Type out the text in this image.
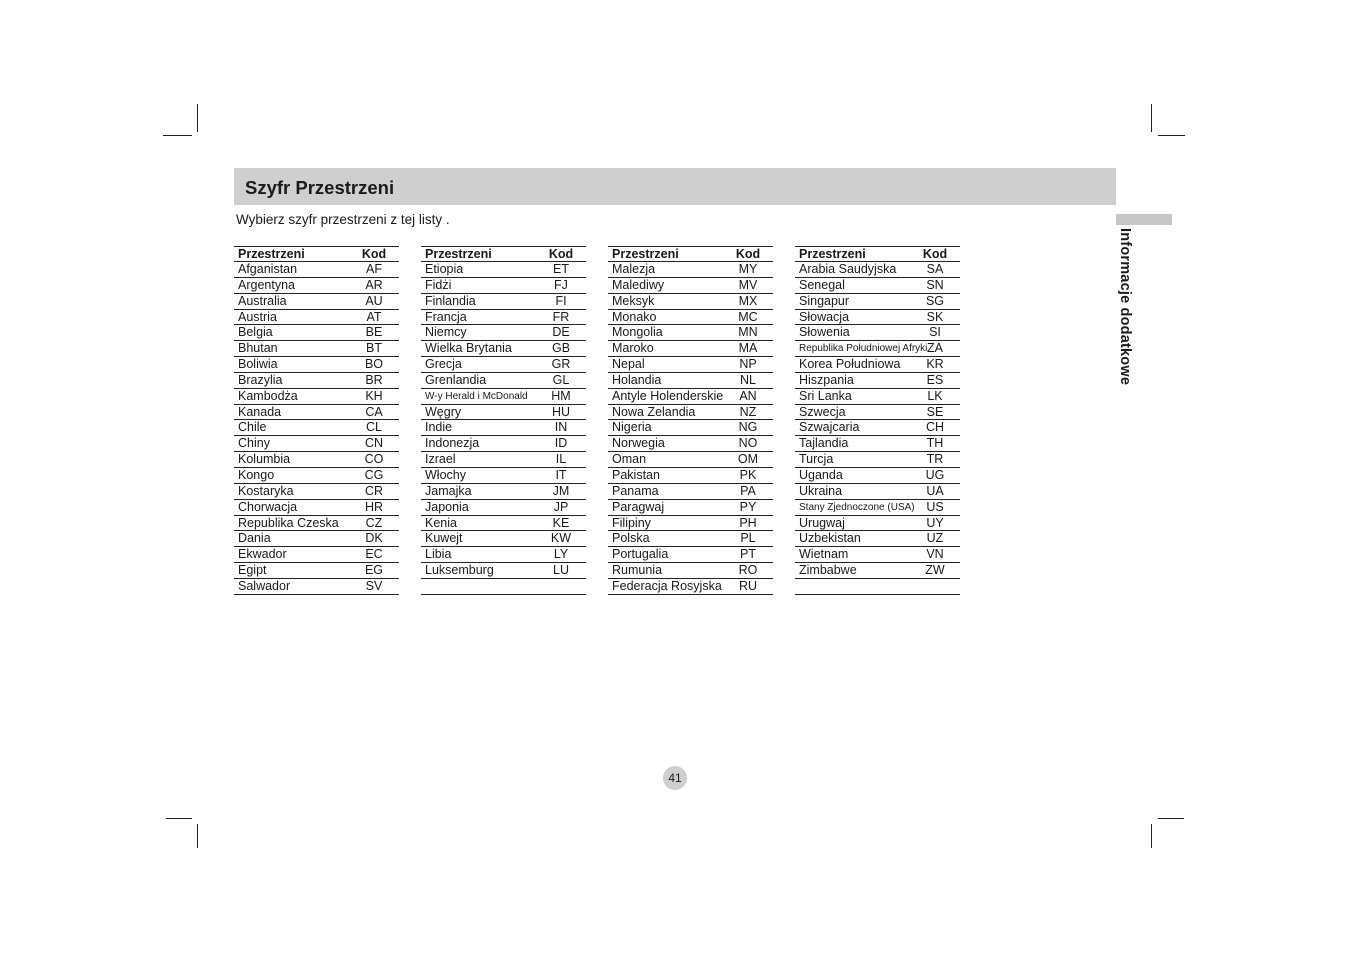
Szyfr Przestrzeni
Wybierz szyfr przestrzeni z tej listy .
Informacje dodatkowe
Przestrzeni	Kod
Afganistan	AF
Argentyna	AR
Australia	AU
Austria	AT
Belgia	BE
Bhutan	BT
Boliwia	BO
Brazylia	BR
Kambodża	KH
Kanada	CA
Chile	CL
Chiny	CN
Kolumbia	CO
Kongo	CG
Kostaryka	CR
Chorwacja	HR
Republika Czeska	CZ
Dania	DK
Ekwador	EC
Egipt	EG
Salwador	SV
Przestrzeni	Kod
Etiopia	ET
Fidżi	FJ
Finlandia	FI
Francja	FR
Niemcy	DE
Wielka Brytania	GB
Grecja	GR
Grenlandia	GL
W-y Herald i McDonald	HM
Węgry	HU
Indie	IN
Indonezja	ID
Izrael	IL
Włochy	IT
Jamajka	JM
Japonia	JP
Kenia	KE
Kuwejt	KW
Libia	LY
Luksemburg	LU
Przestrzeni	Kod
Malezja	MY
Malediwy	MV
Meksyk	MX
Monako	MC
Mongolia	MN
Maroko	MA
Nepal	NP
Holandia	NL
Antyle Holenderskie	AN
Nowa Zelandia	NZ
Nigeria	NG
Norwegia	NO
Oman	OM
Pakistan	PK
Panama	PA
Paragwaj	PY
Filipiny	PH
Polska	PL
Portugalia	PT
Rumunia	RO
Federacja Rosyjska	RU
Przestrzeni	Kod
Arabia Saudyjska	SA
Senegal	SN
Singapur	SG
Słowacja	SK
Słowenia	SI
Republika Południowej Afryki ZA
Korea Południowa	KR
Hiszpania	ES
Sri Lanka	LK
Szwecja	SE
Szwajcaria	CH
Tajlandia	TH
Turcja	TR
Uganda	UG
Ukraina	UA
Stany Zjednoczone (USA) US
Urugwaj	UY
Uzbekistan	UZ
Wietnam	VN
Zimbabwe	ZW
41
